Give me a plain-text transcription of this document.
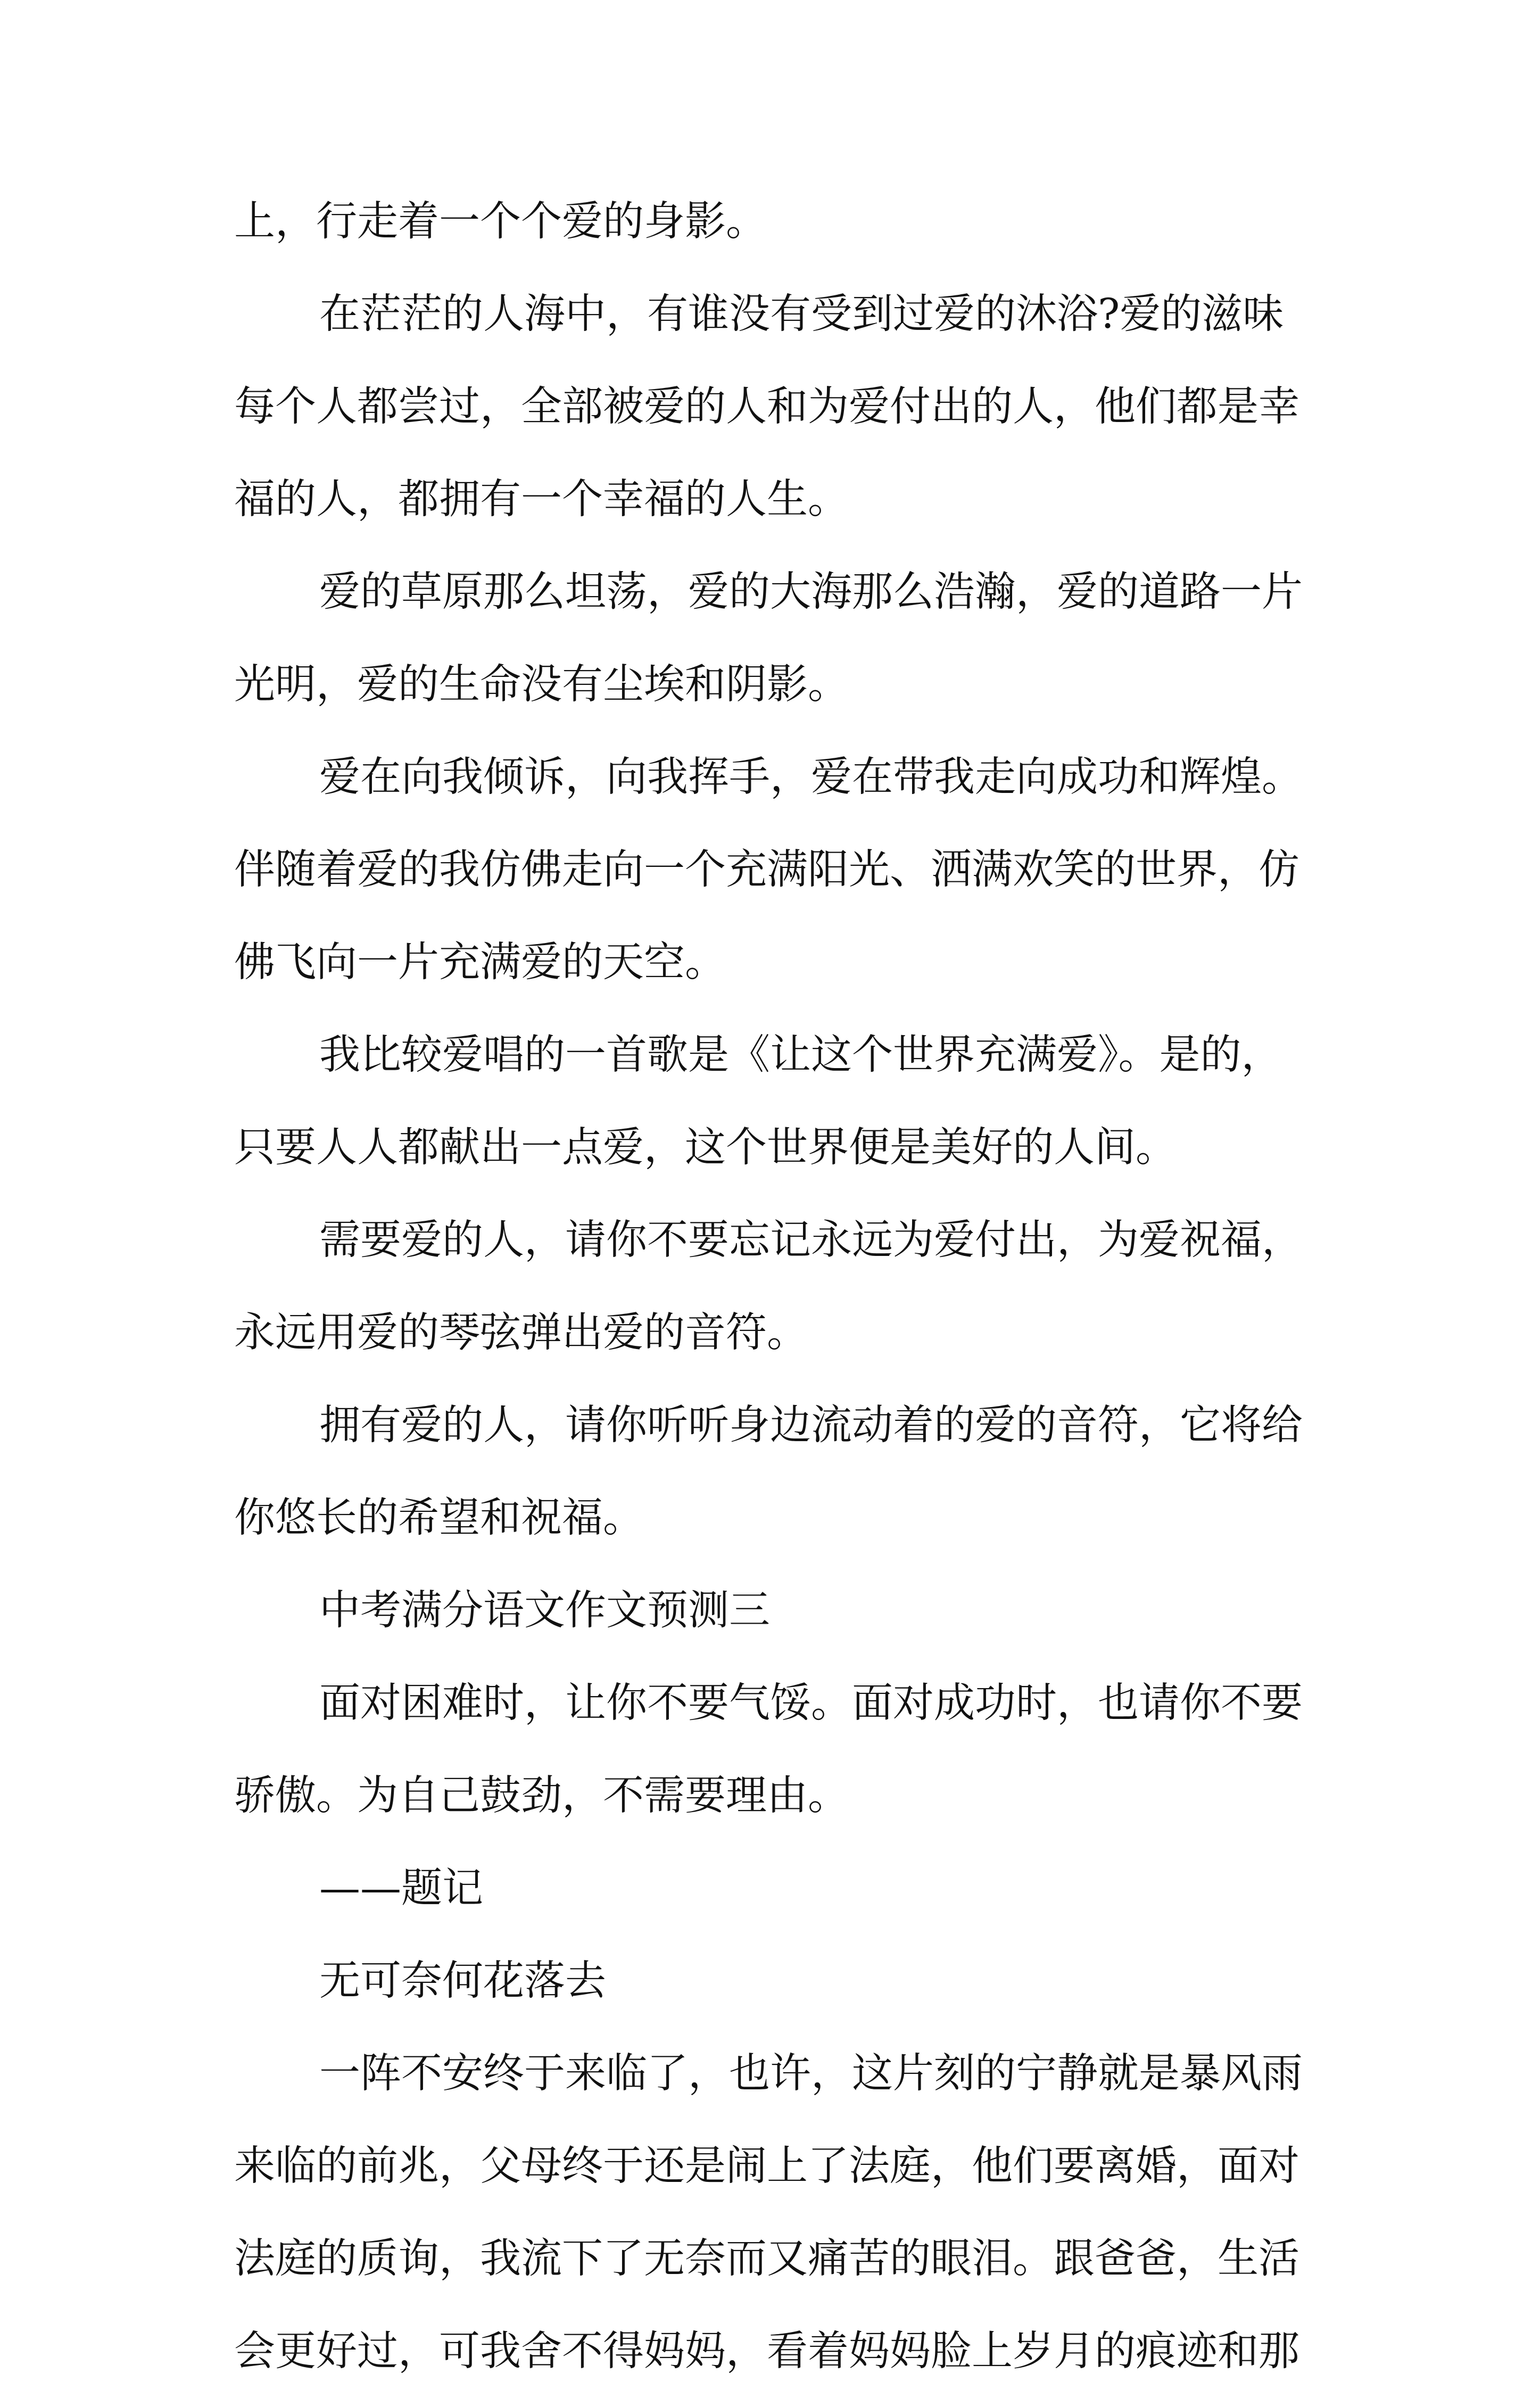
上，行走着一个个爱的身影。
在茫茫的人海中，有谁没有受到过爱的沐浴?爱的滋味
每个人都尝过，全部被爱的人和为爱付出的人，他们都是幸
福的人，都拥有一个幸福的人生。
爱的草原那么坦荡，爱的大海那么浩瀚，爱的道路一片
光明，爱的生命没有尘埃和阴影。
爱在向我倾诉，向我挥手，爱在带我走向成功和辉煌。
伴随着爱的我仿佛走向一个充满阳光、洒满欢笑的世界，仿
佛飞向一片充满爱的天空。
我比较爱唱的一首歌是《让这个世界充满爱》。是的，
只要人人都献出一点爱，这个世界便是美好的人间。
需要爱的人，请你不要忘记永远为爱付出，为爱祝福，
永远用爱的琴弦弹出爱的音符。
拥有爱的人，请你听听身边流动着的爱的音符，它将给
你悠长的希望和祝福。
中考满分语文作文预测三
面对困难时，让你不要气馁。面对成功时，也请你不要
骄傲。为自己鼓劲，不需要理由。
——题记
无可奈何花落去
一阵不安终于来临了，也许，这片刻的宁静就是暴风雨
来临的前兆，父母终于还是闹上了法庭，他们要离婚，面对
法庭的质询，我流下了无奈而又痛苦的眼泪。跟爸爸，生活
会更好过，可我舍不得妈妈，看着妈妈脸上岁月的痕迹和那
